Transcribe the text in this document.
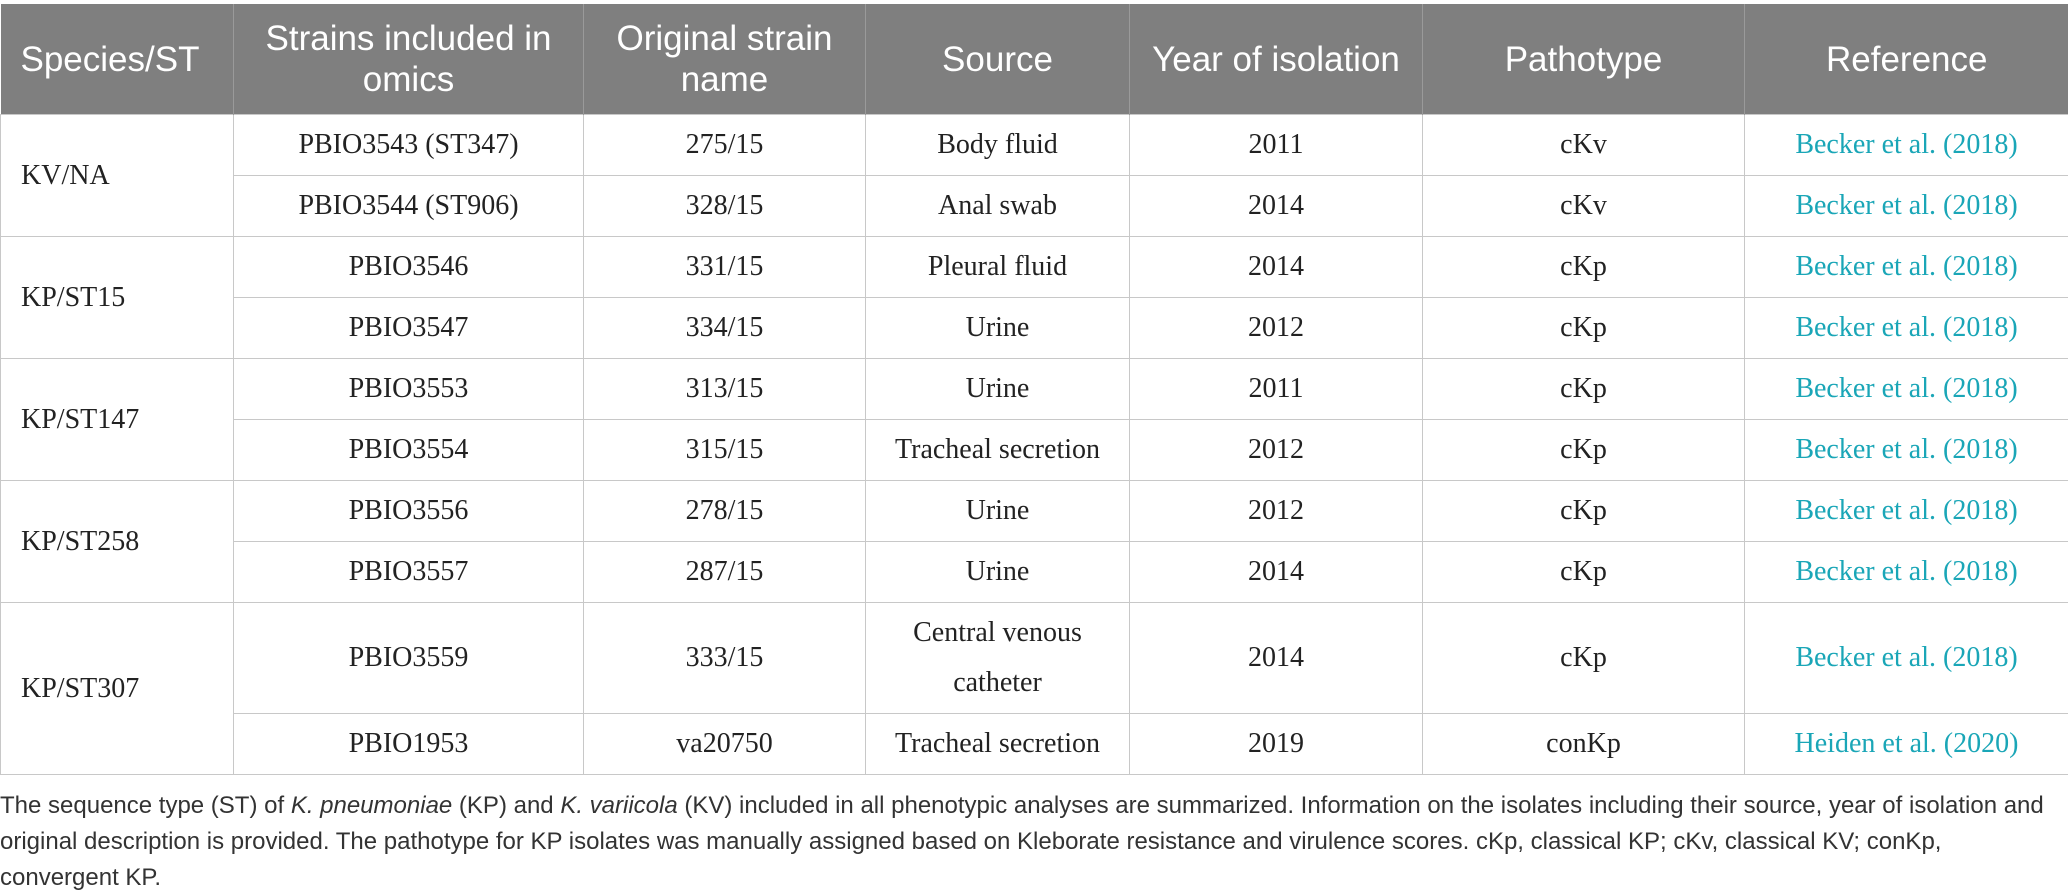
Species/ST	Strains included in omics	Original strain name	Source	Year of isolation	Pathotype	Reference
KV/NA	PBIO3543 (ST347)	275/15	Body fluid	2011	cKv	Becker et al. (2018)
	PBIO3544 (ST906)	328/15	Anal swab	2014	cKv	Becker et al. (2018)
KP/ST15	PBIO3546	331/15	Pleural fluid	2014	cKp	Becker et al. (2018)
	PBIO3547	334/15	Urine	2012	cKp	Becker et al. (2018)
KP/ST147	PBIO3553	313/15	Urine	2011	cKp	Becker et al. (2018)
	PBIO3554	315/15	Tracheal secretion	2012	cKp	Becker et al. (2018)
KP/ST258	PBIO3556	278/15	Urine	2012	cKp	Becker et al. (2018)
	PBIO3557	287/15	Urine	2014	cKp	Becker et al. (2018)
KP/ST307	PBIO3559	333/15	Central venous catheter	2014	cKp	Becker et al. (2018)
	PBIO1953	va20750	Tracheal secretion	2019	conKp	Heiden et al. (2020)
The sequence type (ST) of K. pneumoniae (KP) and K. variicola (KV) included in all phenotypic analyses are summarized. Information on the isolates including their source, year of isolation and original description is provided. The pathotype for KP isolates was manually assigned based on Kleborate resistance and virulence scores. cKp, classical KP; cKv, classical KV; conKp, convergent KP.
